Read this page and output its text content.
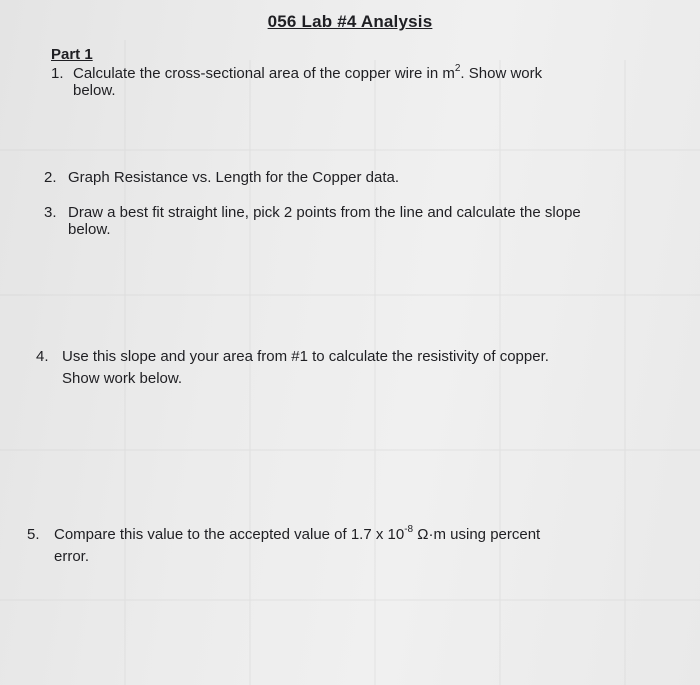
056 Lab #4 Analysis
Part 1
1. Calculate the cross-sectional area of the copper wire in $m^2$. Show work
below.
2. Graph Resistance vs. Length for the Copper data.
3. Draw a best fit straight line, pick 2 points from the line and calculate the slope
below.
4. Use this slope and your area from #1 to calculate the resistivity of copper.
Show work below.
5. Compare this value to the accepted value of 1.7 x $10^{-8}$ Ω·m using percent
error.
